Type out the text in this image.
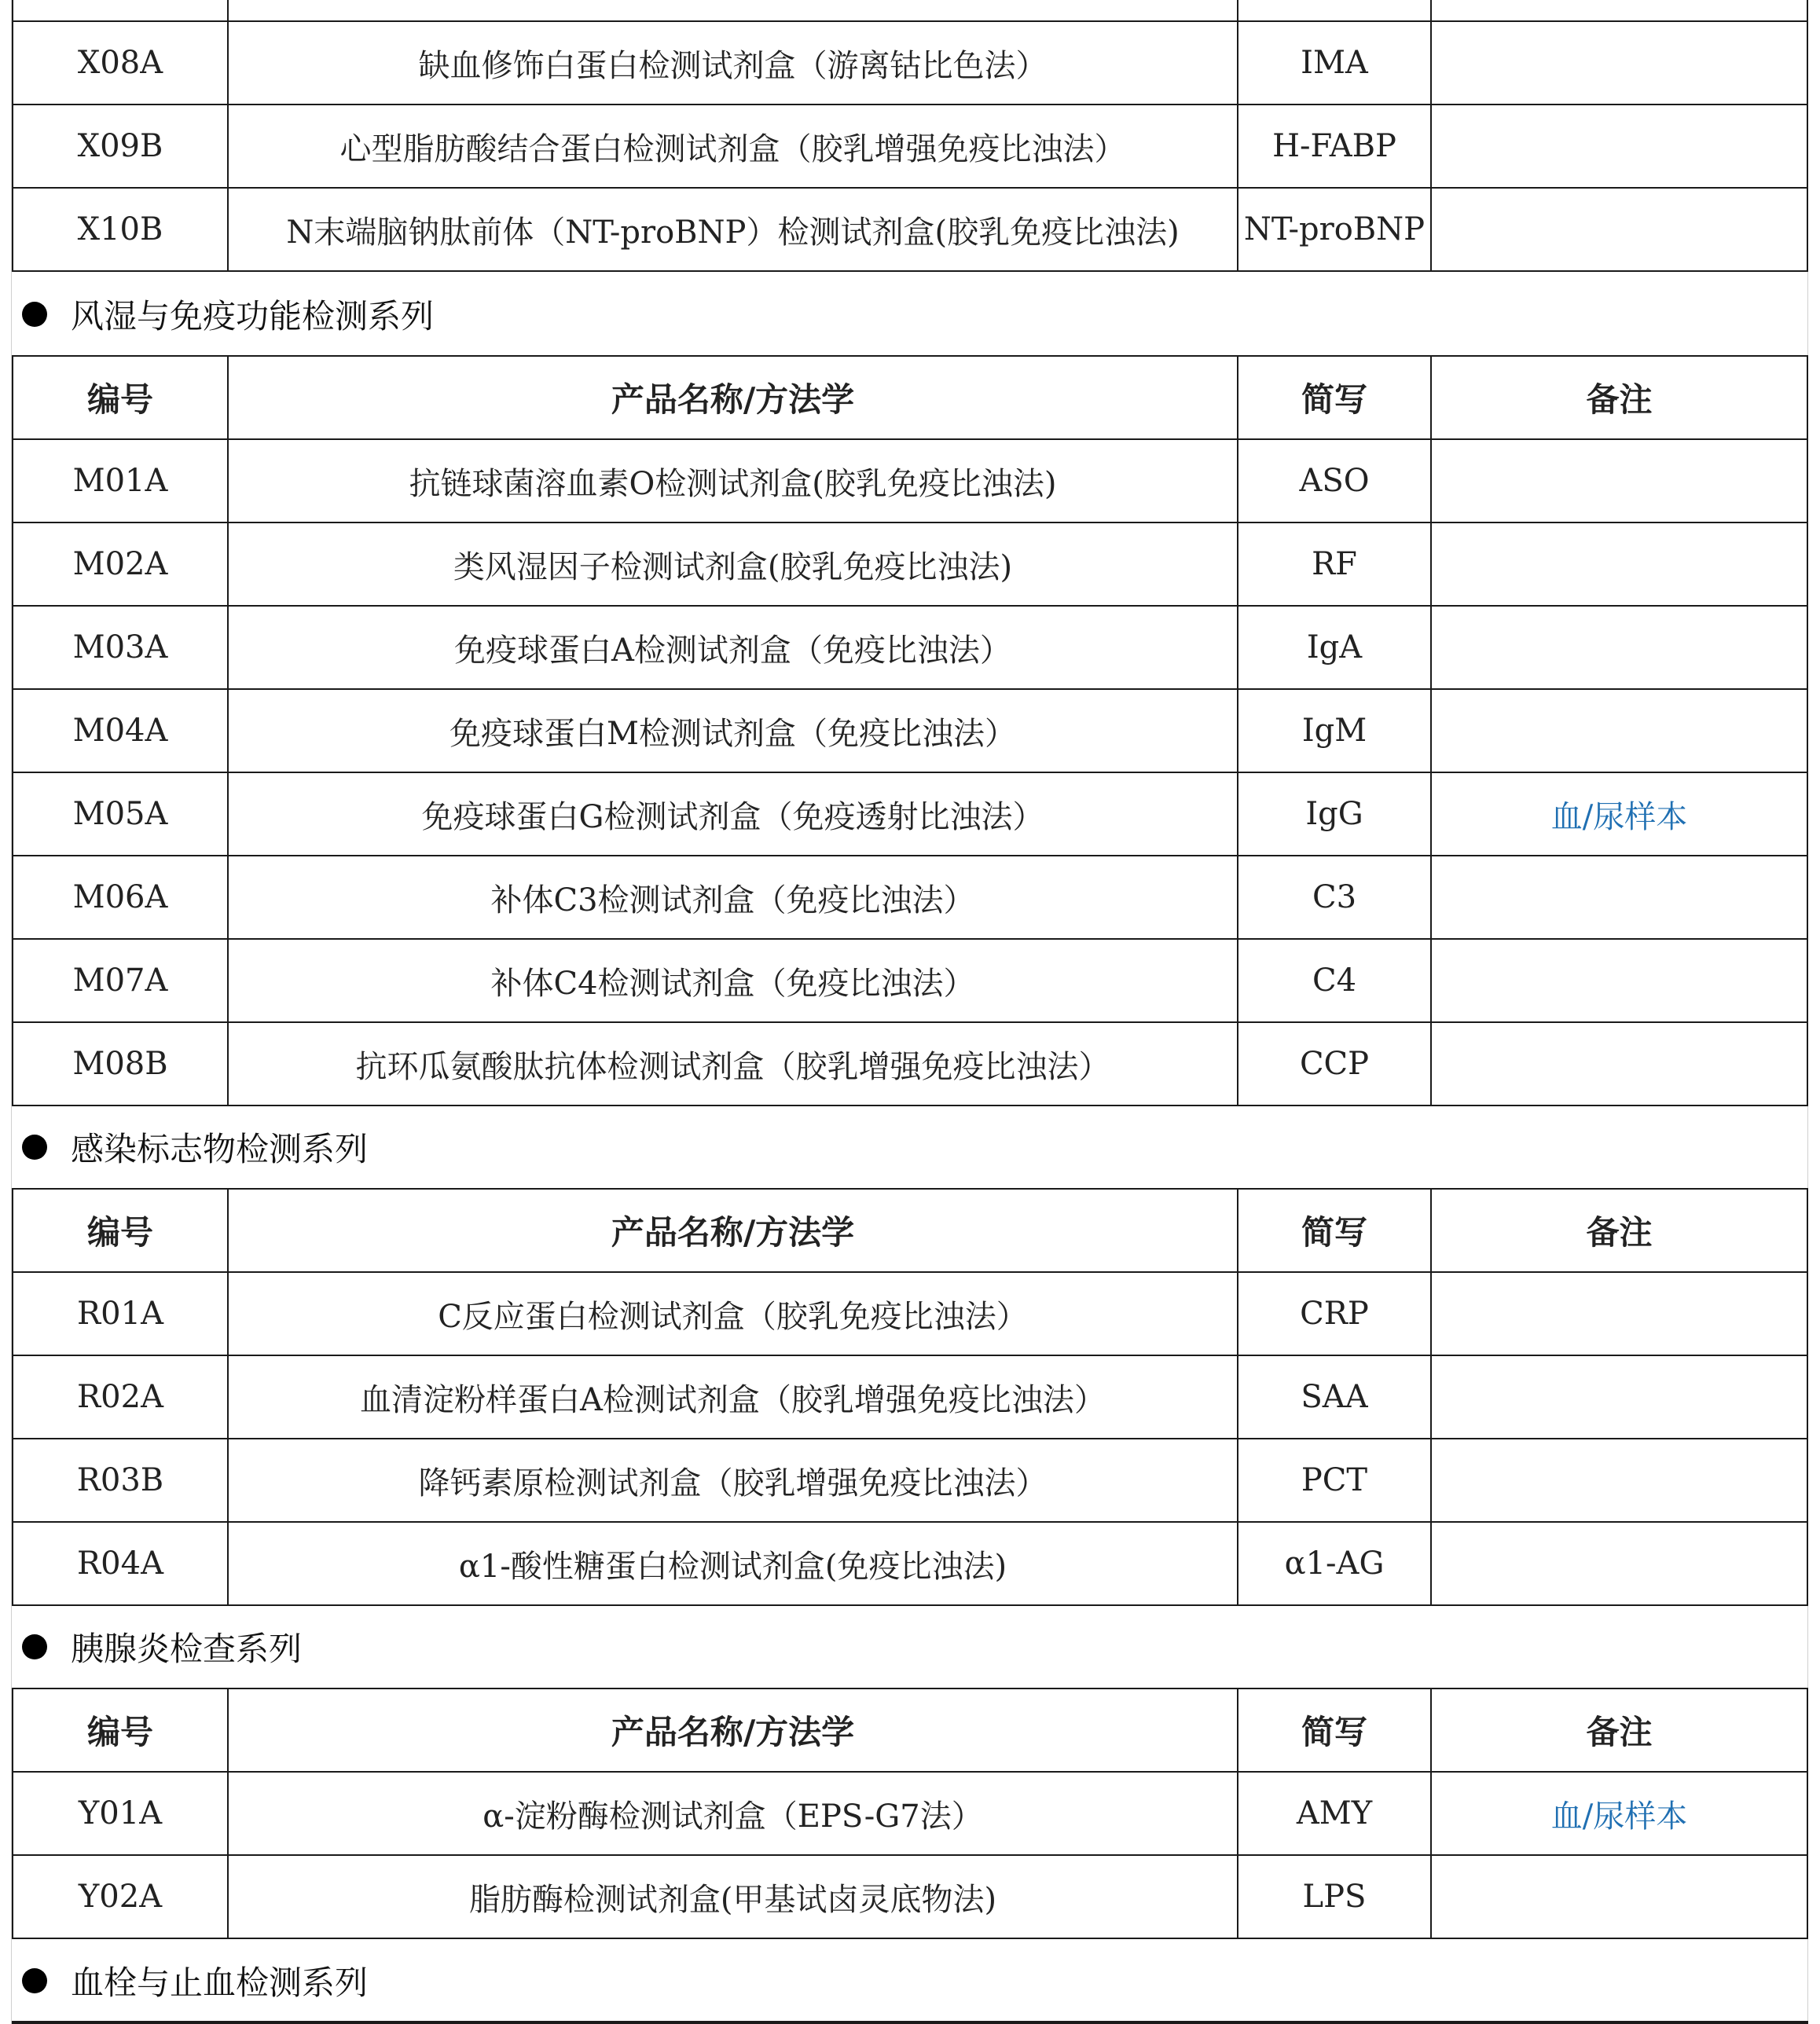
X08A	缺血修饰白蛋白检测试剂盒（游离钴比色法）	IMA	
X09B	心型脂肪酸结合蛋白检测试剂盒（胶乳增强免疫比浊法）	H-FABP	
X10B	N末端脑钠肽前体（NT-proBNP）检测试剂盒(胶乳免疫比浊法)	NT-proBNP	
风湿与免疫功能检测系列
编号	产品名称/方法学	简写	备注
M01A	抗链球菌溶血素O检测试剂盒(胶乳免疫比浊法)	ASO	
M02A	类风湿因子检测试剂盒(胶乳免疫比浊法)	RF	
M03A	免疫球蛋白A检测试剂盒（免疫比浊法）	IgA	
M04A	免疫球蛋白M检测试剂盒（免疫比浊法）	IgM	
M05A	免疫球蛋白G检测试剂盒（免疫透射比浊法）	IgG	血/尿样本
M06A	补体C3检测试剂盒（免疫比浊法）	C3	
M07A	补体C4检测试剂盒（免疫比浊法）	C4	
M08B	抗环瓜氨酸肽抗体检测试剂盒（胶乳增强免疫比浊法）	CCP	
感染标志物检测系列
编号	产品名称/方法学	简写	备注
R01A	C反应蛋白检测试剂盒（胶乳免疫比浊法）	CRP	
R02A	血清淀粉样蛋白A检测试剂盒（胶乳增强免疫比浊法）	SAA	
R03B	降钙素原检测试剂盒（胶乳增强免疫比浊法）	PCT	
R04A	α1-酸性糖蛋白检测试剂盒(免疫比浊法)	α1-AG	
胰腺炎检查系列
编号	产品名称/方法学	简写	备注
Y01A	α-淀粉酶检测试剂盒（EPS-G7法）	AMY	血/尿样本
Y02A	脂肪酶检测试剂盒(甲基试卤灵底物法)	LPS	
血栓与止血检测系列
